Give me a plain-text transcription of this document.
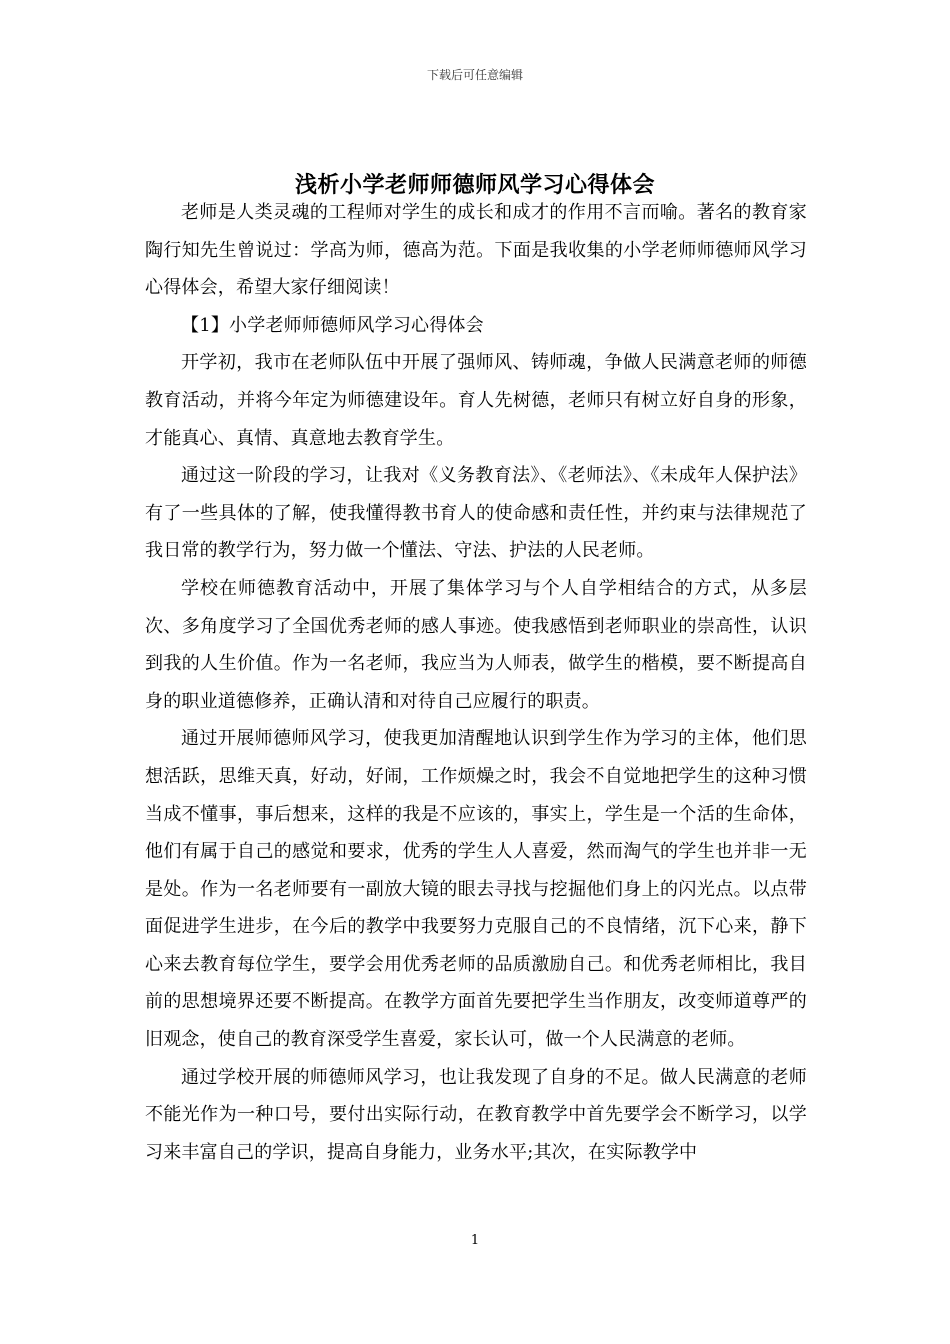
下载后可任意编辑
浅析小学老师师德师风学习心得体会

老师是人类灵魂的工程师对学生的成长和成才的作用不言而喻。著名的教育家陶行知先生曾说过：学高为师，德高为范。下面是我收集的小学老师师德师风学习心得体会，希望大家仔细阅读！

【1】小学老师师德师风学习心得体会

开学初，我市在老师队伍中开展了强师风、铸师魂，争做人民满意老师的师德教育活动，并将今年定为师德建设年。育人先树德，老师只有树立好自身的形象，才能真心、真情、真意地去教育学生。

通过这一阶段的学习，让我对《义务教育法》、《老师法》、《未成年人保护法》有了一些具体的了解，使我懂得教书育人的使命感和责任性，并约束与法律规范了我日常的教学行为，努力做一个懂法、守法、护法的人民老师。

学校在师德教育活动中，开展了集体学习与个人自学相结合的方式，从多层次、多角度学习了全国优秀老师的感人事迹。使我感悟到老师职业的崇高性，认识到我的人生价值。作为一名老师，我应当为人师表，做学生的楷模，要不断提高自身的职业道德修养，正确认清和对待自己应履行的职责。

通过开展师德师风学习，使我更加清醒地认识到学生作为学习的主体，他们思想活跃，思维天真，好动，好闹，工作烦燥之时，我会不自觉地把学生的这种习惯当成不懂事，事后想来，这样的我是不应该的，事实上，学生是一个活的生命体，他们有属于自己的感觉和要求，优秀的学生人人喜爱，然而淘气的学生也并非一无是处。作为一名老师要有一副放大镜的眼去寻找与挖掘他们身上的闪光点。以点带面促进学生进步，在今后的教学中我要努力克服自己的不良情绪，沉下心来，静下心来去教育每位学生，要学会用优秀老师的品质激励自己。和优秀老师相比，我目前的思想境界还要不断提高。在教学方面首先要把学生当作朋友，改变师道尊严的旧观念，使自己的教育深受学生喜爱，家长认可，做一个人民满意的老师。

通过学校开展的师德师风学习，也让我发现了自身的不足。做人民满意的老师不能光作为一种口号，要付出实际行动，在教育教学中首先要学会不断学习，以学习来丰富自己的学识，提高自身能力，业务水平;其次，在实际教学中

1
